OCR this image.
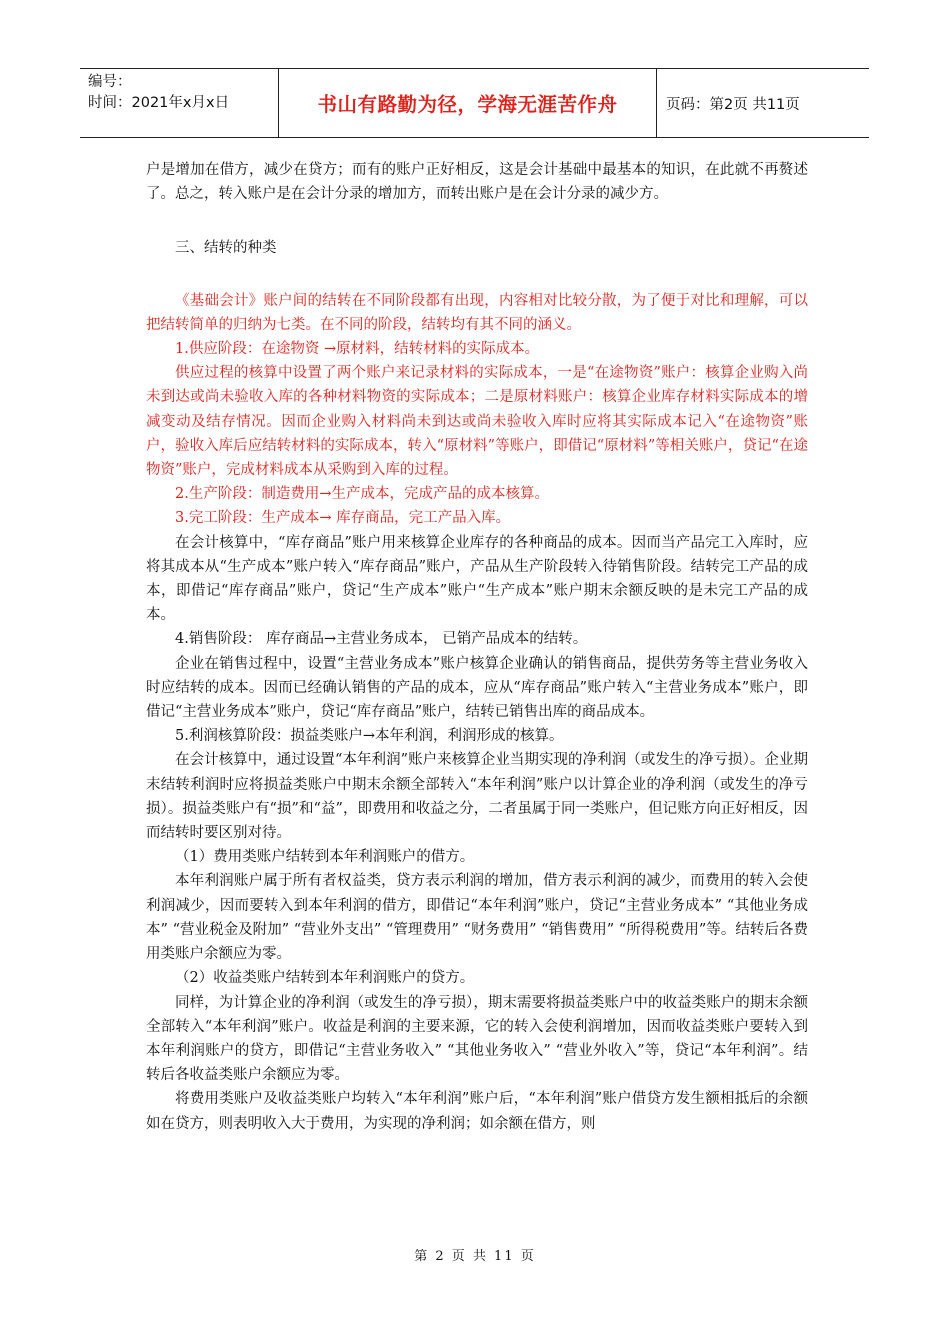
编号：
时间：2021年x月x日	书山有路勤为径，学海无涯苦作舟	页码：第2页 共11页

户是增加在借方，减少在贷方；而有的账户正好相反，这是会计基础中最基本的知识，在此就不再赘述了。总之，转入账户是在会计分录的增加方，而转出账户是在会计分录的减少方。

三、结转的种类

《基础会计》账户间的结转在不同阶段都有出现，内容相对比较分散，为了便于对比和理解，可以把结转简单的归纳为七类。在不同的阶段，结转均有其不同的涵义。

1.供应阶段：在途物资 →原材料，结转材料的实际成本。

供应过程的核算中设置了两个账户来记录材料的实际成本，一是“在途物资”账户：核算企业购入尚未到达或尚未验收入库的各种材料物资的实际成本；二是原材料账户：核算企业库存材料实际成本的增减变动及结存情况。因而企业购入材料尚未到达或尚未验收入库时应将其实际成本记入“在途物资”账户，验收入库后应结转材料的实际成本，转入“原材料”等账户，即借记“原材料”等相关账户，贷记“在途物资”账户，完成材料成本从采购到入库的过程。

2.生产阶段：制造费用→生产成本，完成产品的成本核算。

3.完工阶段：生产成本→ 库存商品，完工产品入库。

在会计核算中，“库存商品”账户用来核算企业库存的各种商品的成本。因而当产品完工入库时，应将其成本从“生产成本”账户转入“库存商品”账户，产品从生产阶段转入待销售阶段。结转完工产品的成本，即借记“库存商品”账户，贷记“生产成本”账户“生产成本”账户期末余额反映的是未完工产品的成本。

4.销售阶段： 库存商品→主营业务成本， 已销产品成本的结转。

企业在销售过程中，设置“主营业务成本”账户核算企业确认的销售商品，提供劳务等主营业务收入时应结转的成本。因而已经确认销售的产品的成本，应从“库存商品”账户转入“主营业务成本”账户，即借记“主营业务成本”账户，贷记“库存商品”账户，结转已销售出库的商品成本。

5.利润核算阶段：损益类账户→本年利润，利润形成的核算。

在会计核算中，通过设置“本年利润”账户来核算企业当期实现的净利润（或发生的净亏损）。企业期末结转利润时应将损益类账户中期末余额全部转入“本年利润”账户以计算企业的净利润（或发生的净亏损）。损益类账户有“损”和“益”，即费用和收益之分，二者虽属于同一类账户，但记账方向正好相反，因而结转时要区别对待。

（1）费用类账户结转到本年利润账户的借方。

本年利润账户属于所有者权益类，贷方表示利润的增加，借方表示利润的减少，而费用的转入会使利润减少，因而要转入到本年利润的借方，即借记“本年利润”账户，贷记“主营业务成本” “其他业务成本” “营业税金及附加” “营业外支出” “管理费用” “财务费用” “销售费用” “所得税费用”等。结转后各费用类账户余额应为零。

（2）收益类账户结转到本年利润账户的贷方。

同样，为计算企业的净利润（或发生的净亏损），期末需要将损益类账户中的收益类账户的期末余额全部转入“本年利润”账户。收益是利润的主要来源，它的转入会使利润增加，因而收益类账户要转入到本年利润账户的贷方，即借记“主营业务收入” “其他业务收入” “营业外收入”等，贷记“本年利润”。结转后各收益类账户余额应为零。

将费用类账户及收益类账户均转入“本年利润”账户后，“本年利润”账户借贷方发生额相抵后的余额如在贷方，则表明收入大于费用，为实现的净利润；如余额在借方，则

第 2 页 共 11 页
